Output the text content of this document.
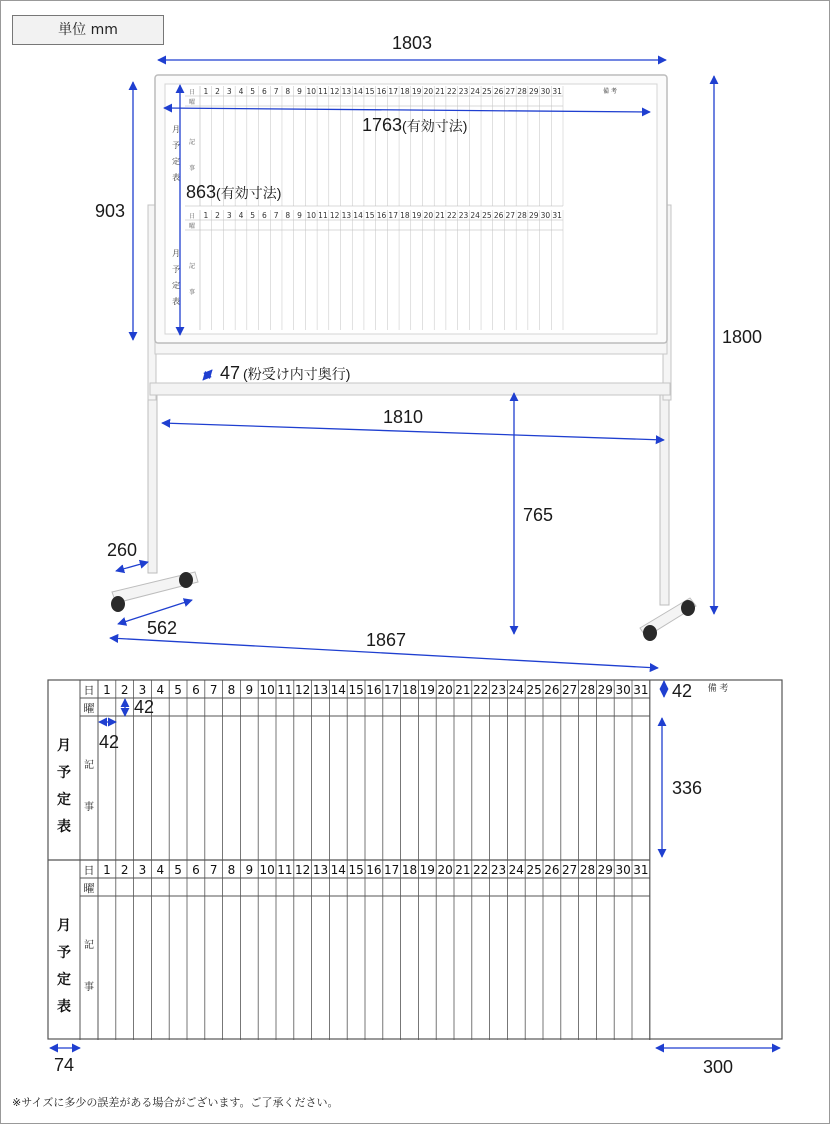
単位 mm
日
曜
記
事
月
予
定
表
1 2 3 4 5 6 7 8 9 10 11 12 13 14 15 16 17 18 19 20 21 22 23 24 25 26 27 28 29 30 31
日
曜
記
事
月
予
定
表
1 2 3 4 5 6 7 8 9 10 11 12 13 14 15 16 17 18 19 20 21 22 23 24 25 26 27 28 29 30 31
備 考
1803
1763(有効寸法)
903
863(有効寸法)
47 (粉受け内寸奥行)
1810
765
1800
260
562
1867
日
曜
記
事
月
予
定
表
1 2 3 4 5 6 7 8 9 10 11 12 13 14 15 16 17 18 19 20 21 22 23 24 25 26 27 28 29 30 31
日
曜
記
事
月
予
定
表
1 2 3 4 5 6 7 8 9 10 11 12 13 14 15 16 17 18 19 20 21 22 23 24 25 26 27 28 29 30 31
備 考
42
42
42
336
74	300
※サイズに多少の誤差がある場合がございます。ご了承ください。
